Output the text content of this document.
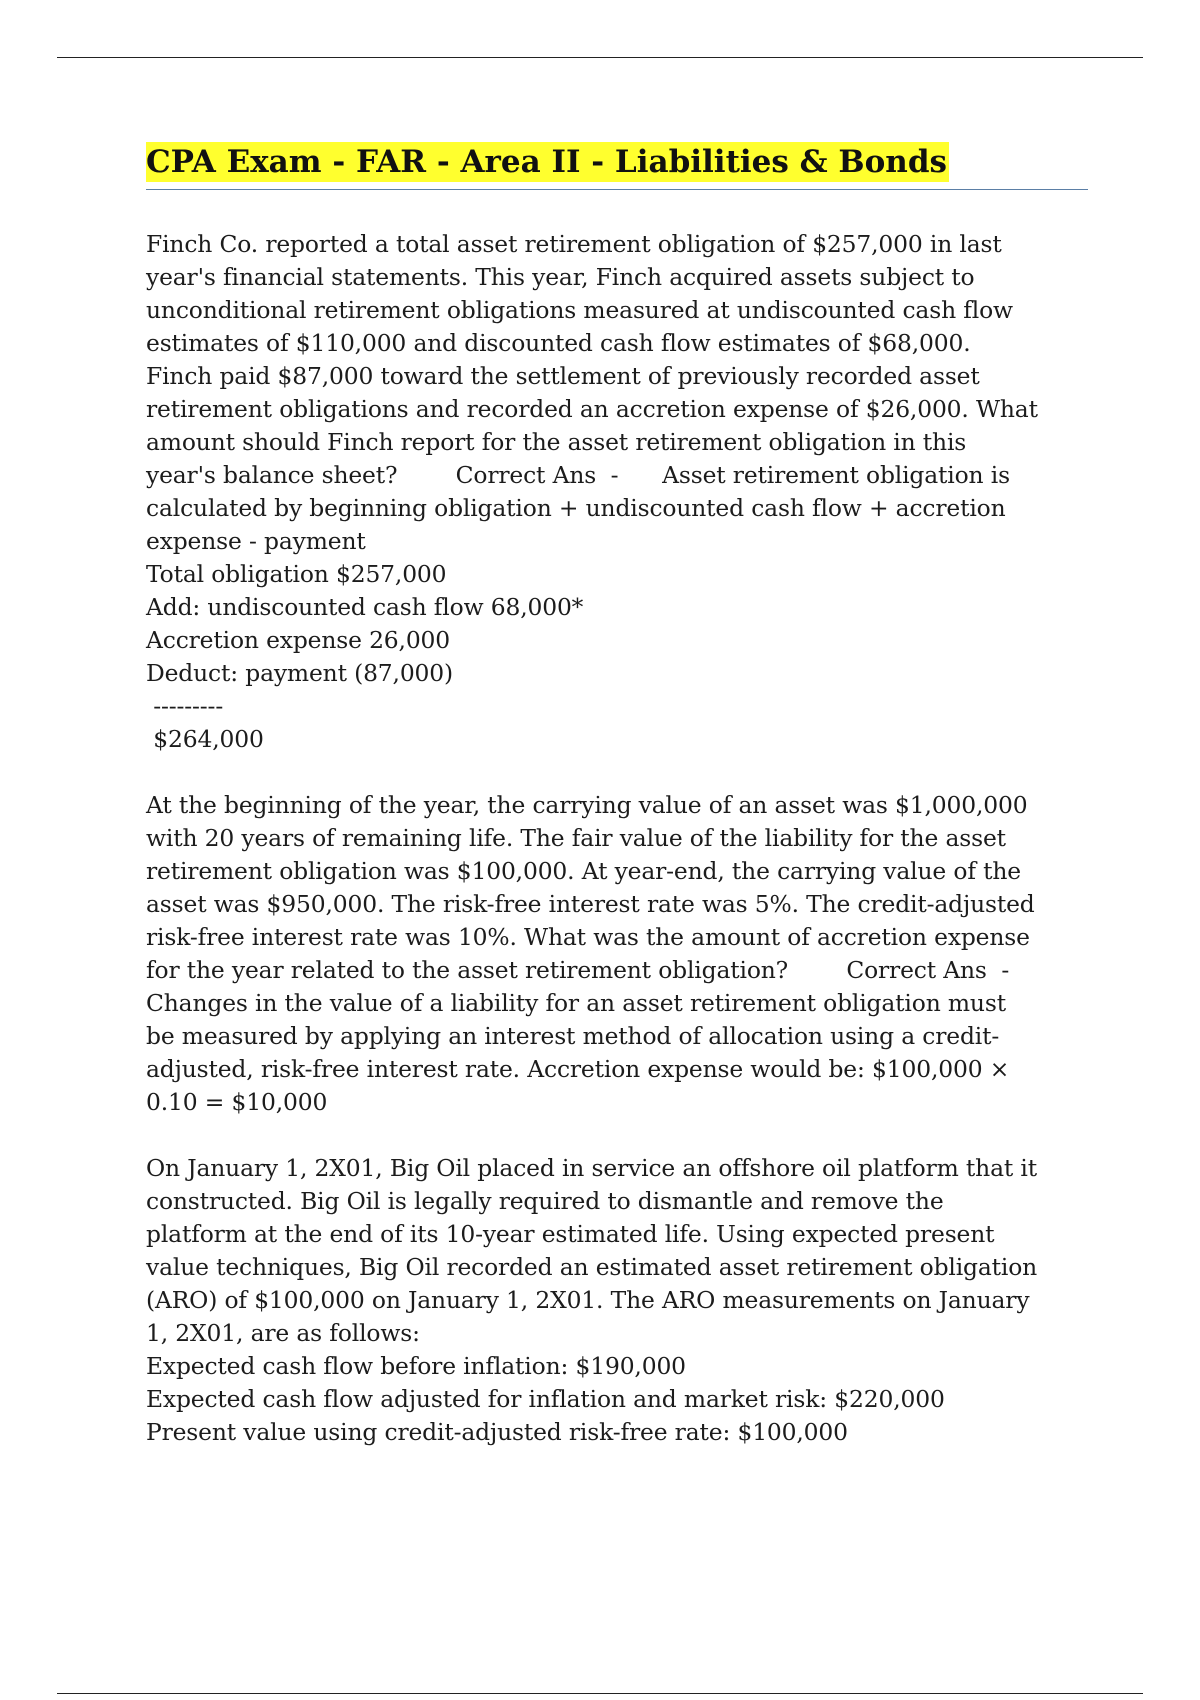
CPA Exam - FAR - Area II - Liabilities & Bonds
Finch Co. reported a total asset retirement obligation of $257,000 in last
year's financial statements. This year, Finch acquired assets subject to
unconditional retirement obligations measured at undiscounted cash flow
estimates of $110,000 and discounted cash flow estimates of $68,000.
Finch paid $87,000 toward the settlement of previously recorded asset
retirement obligations and recorded an accretion expense of $26,000. What
amount should Finch report for the asset retirement obligation in this
year's balance sheet?        Correct Ans  -      Asset retirement obligation is
calculated by beginning obligation + undiscounted cash flow + accretion
expense - payment
Total obligation $257,000
Add: undiscounted cash flow 68,000*
Accretion expense 26,000
Deduct: payment (87,000)
---------
$264,000
At the beginning of the year, the carrying value of an asset was $1,000,000
with 20 years of remaining life. The fair value of the liability for the asset
retirement obligation was $100,000. At year-end, the carrying value of the
asset was $950,000. The risk-free interest rate was 5%. The credit-adjusted
risk-free interest rate was 10%. What was the amount of accretion expense
for the year related to the asset retirement obligation?        Correct Ans  -
Changes in the value of a liability for an asset retirement obligation must
be measured by applying an interest method of allocation using a credit-
adjusted, risk-free interest rate. Accretion expense would be: $100,000 ×
0.10 = $10,000
On January 1, 2X01, Big Oil placed in service an offshore oil platform that it
constructed. Big Oil is legally required to dismantle and remove the
platform at the end of its 10-year estimated life. Using expected present
value techniques, Big Oil recorded an estimated asset retirement obligation
(ARO) of $100,000 on January 1, 2X01. The ARO measurements on January
1, 2X01, are as follows:
Expected cash flow before inflation: $190,000
Expected cash flow adjusted for inflation and market risk: $220,000
Present value using credit-adjusted risk-free rate: $100,000
